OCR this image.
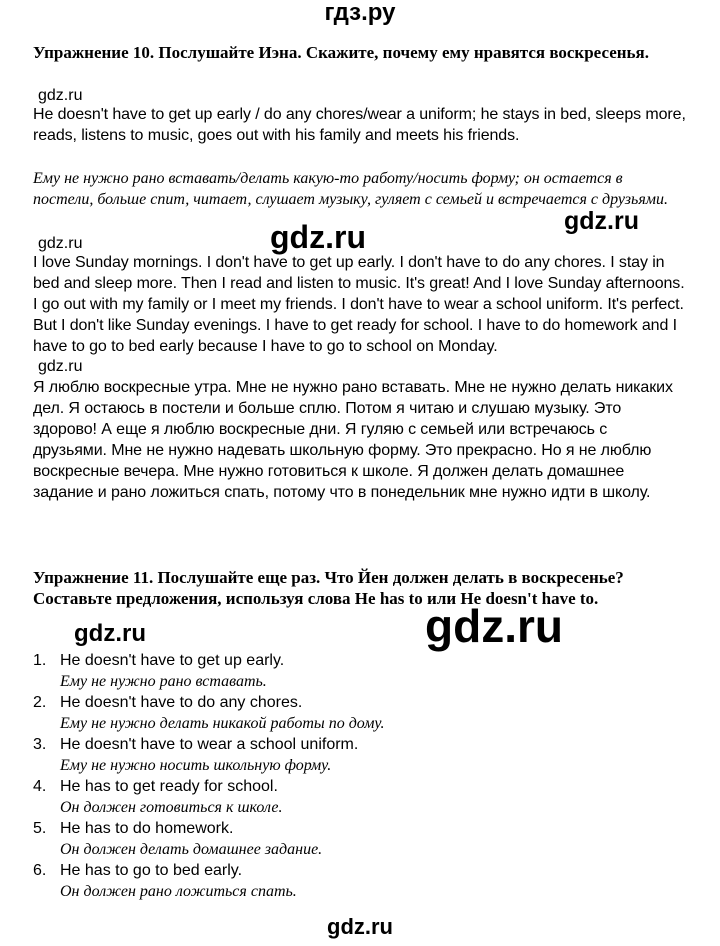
гдз.ру
Упражнение 10. Послушайте Иэна. Скажите, почему ему нравятся воскресенья.
gdz.ru
He doesn't have to get up early / do any chores/wear a uniform; he stays in bed, sleeps more, reads, listens to music, goes out with his family and meets his friends.
Ему не нужно рано вставать/делать какую-то работу/носить форму; он остается в постели, больше спит, читает, слушает музыку, гуляет с семьей и встречается с друзьями.
gdz.ru
gdz.ru
gdz.ru
I love Sunday mornings. I don't have to get up early. I don't have to do any chores. I stay in bed and sleep more. Then I read and listen to music. It's great! And I love Sunday afternoons. I go out with my family or I meet my friends. I don't have to wear a school uniform. It's perfect. But I don't like Sunday evenings. I have to get ready for school. I have to do homework and I have to go to bed early because I have to go to school on Monday.
gdz.ru
Я люблю воскресные утра. Мне не нужно рано вставать. Мне не нужно делать никаких дел. Я остаюсь в постели и больше сплю. Потом я читаю и слушаю музыку. Это здорово! А еще я люблю воскресные дни. Я гуляю с семьей или встречаюсь с друзьями. Мне не нужно надевать школьную форму. Это прекрасно. Но я не люблю воскресные вечера. Мне нужно готовиться к школе. Я должен делать домашнее задание и рано ложиться спать, потому что в понедельник мне нужно идти в школу.
Упражнение 11. Послушайте еще раз. Что Йен должен делать в воскресенье? Составьте предложения, используя слова He has to или He doesn't have to.
gdz.ru	gdz.ru
1. He doesn't have to get up early.
Ему не нужно рано вставать.
2. He doesn't have to do any chores.
Ему не нужно делать никакой работы по дому.
3. He doesn't have to wear a school uniform.
Ему не нужно носить школьную форму.
4. He has to get ready for school.
Он должен готовиться к школе.
5. He has to do homework.
Он должен делать домашнее задание.
6. He has to go to bed early.
Он должен рано ложиться спать.
gdz.ru
